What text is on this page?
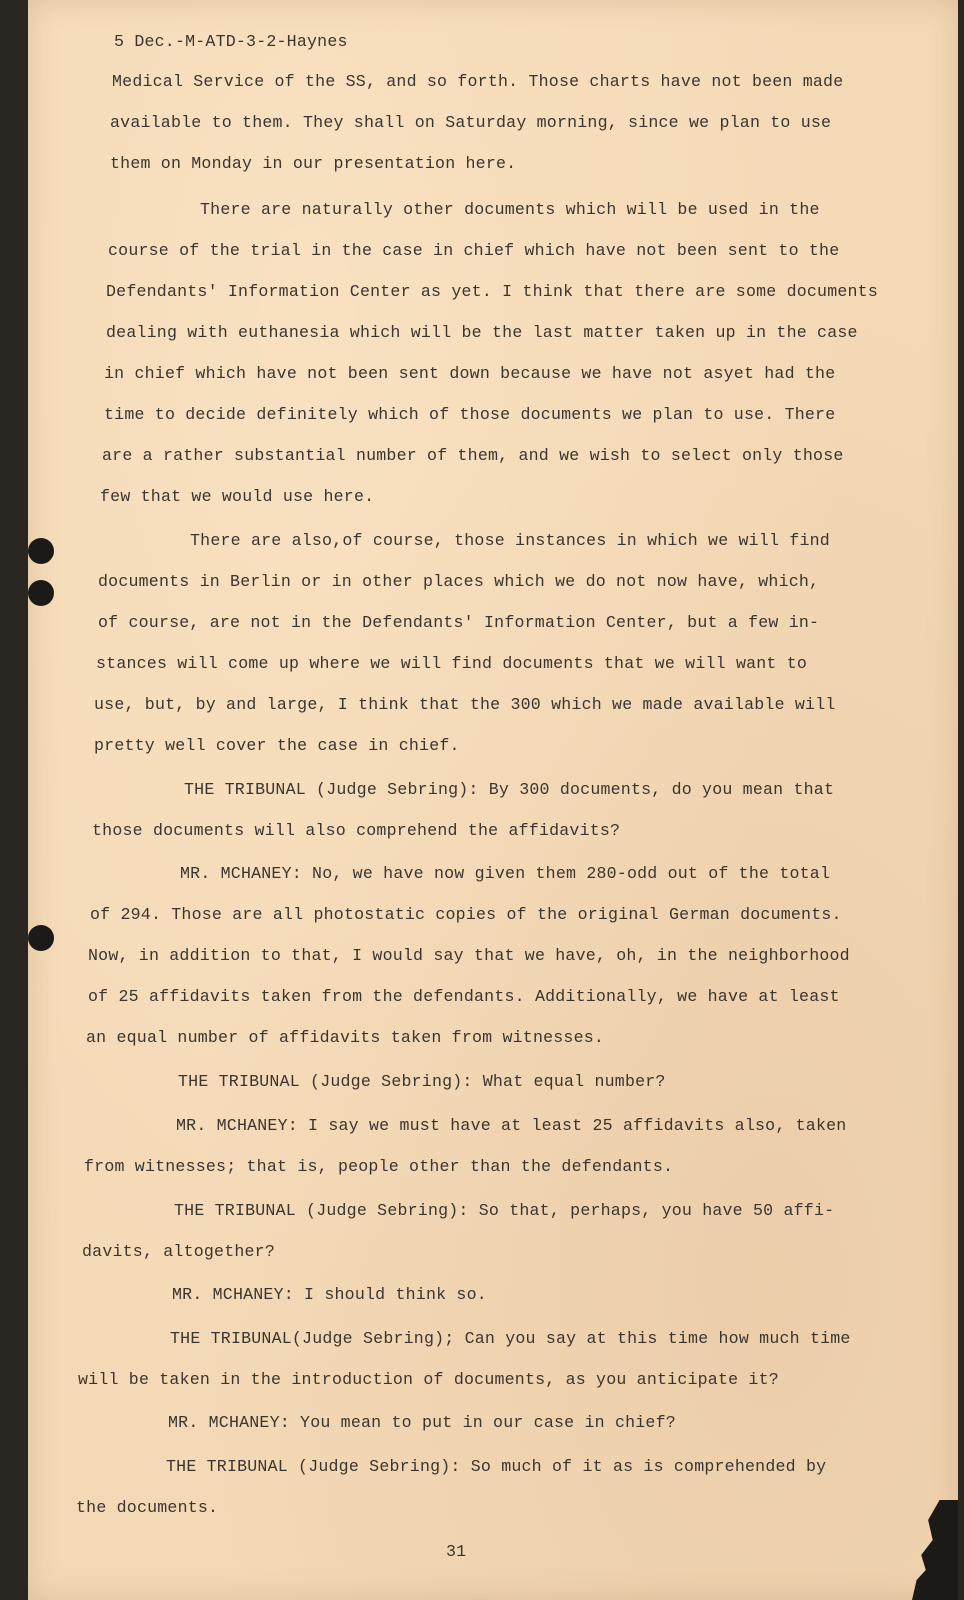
5 Dec.-M-ATD-3-2-Haynes

Medical Service of the SS, and so forth. Those charts have not been made

available to them. They shall on Saturday morning, since we plan to use

them on Monday in our presentation here.

There are naturally other documents which will be used in the

course of the trial in the case in chief which have not been sent to the

Defendants' Information Center as yet. I think that there are some documents

dealing with euthanesia which will be the last matter taken up in the case

in chief which have not been sent down because we have not asyet had the

time to decide definitely which of those documents we plan to use. There

are a rather substantial number of them, and we wish to select only those

few that we would use here.

There are also,of course, those instances in which we will find

documents in Berlin or in other places which we do not now have, which,

of course, are not in the Defendants' Information Center, but a few in-

stances will come up where we will find documents that we will want to

use, but, by and large, I think that the 300 which we made available will

pretty well cover the case in chief.

THE TRIBUNAL (Judge Sebring): By 300 documents, do you mean that

those documents will also comprehend the affidavits?

MR. MCHANEY: No, we have now given them 280-odd out of the total

of 294. Those are all photostatic copies of the original German documents.

Now, in addition to that, I would say that we have, oh, in the neighborhood

of 25 affidavits taken from the defendants. Additionally, we have at least

an equal number of affidavits taken from witnesses.

THE TRIBUNAL (Judge Sebring): What equal number?

MR. MCHANEY: I say we must have at least 25 affidavits also, taken

from witnesses; that is, people other than the defendants.

THE TRIBUNAL (Judge Sebring): So that, perhaps, you have 50 affi-

davits, altogether?

MR. MCHANEY: I should think so.

THE TRIBUNAL(Judge Sebring); Can you say at this time how much time

will be taken in the introduction of documents, as you anticipate it?

MR. MCHANEY: You mean to put in our case in chief?

THE TRIBUNAL (Judge Sebring): So much of it as is comprehended by

the documents.

31
